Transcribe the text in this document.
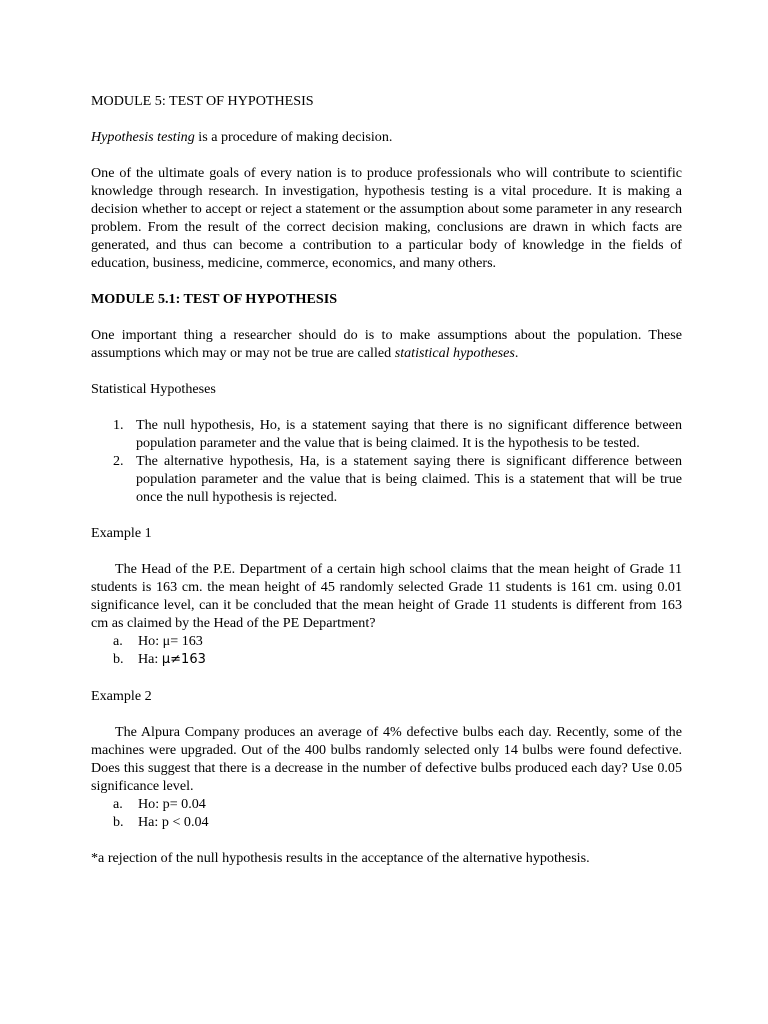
MODULE 5: TEST OF HYPOTHESIS

Hypothesis testing is a procedure of making decision.

One of the ultimate goals of every nation is to produce professionals who will contribute to scientific knowledge through research. In investigation, hypothesis testing is a vital procedure. It is making a decision whether to accept or reject a statement or the assumption about some parameter in any research problem. From the result of the correct decision making, conclusions are drawn in which facts are generated, and thus can become a contribution to a particular body of knowledge in the fields of education, business, medicine, commerce, economics, and many others.

MODULE 5.1: TEST OF HYPOTHESIS

One important thing a researcher should do is to make assumptions about the population. These assumptions which may or may not be true are called statistical hypotheses.

Statistical Hypotheses

1. The null hypothesis, Ho, is a statement saying that there is no significant difference between population parameter and the value that is being claimed. It is the hypothesis to be tested.
2. The alternative hypothesis, Ha, is a statement saying there is significant difference between population parameter and the value that is being claimed. This is a statement that will be true once the null hypothesis is rejected.

Example 1

The Head of the P.E. Department of a certain high school claims that the mean height of Grade 11 students is 163 cm. the mean height of 45 randomly selected Grade 11 students is 161 cm. using 0.01 significance level, can it be concluded that the mean height of Grade 11 students is different from 163 cm as claimed by the Head of the PE Department?

a. Ho: μ= 163
b. Ha: μ≠163

Example 2

The Alpura Company produces an average of 4% defective bulbs each day. Recently, some of the machines were upgraded. Out of the 400 bulbs randomly selected only 14 bulbs were found defective. Does this suggest that there is a decrease in the number of defective bulbs produced each day? Use 0.05 significance level.

a. Ho: p= 0.04
b. Ha: p < 0.04

*a rejection of the null hypothesis results in the acceptance of the alternative hypothesis.
